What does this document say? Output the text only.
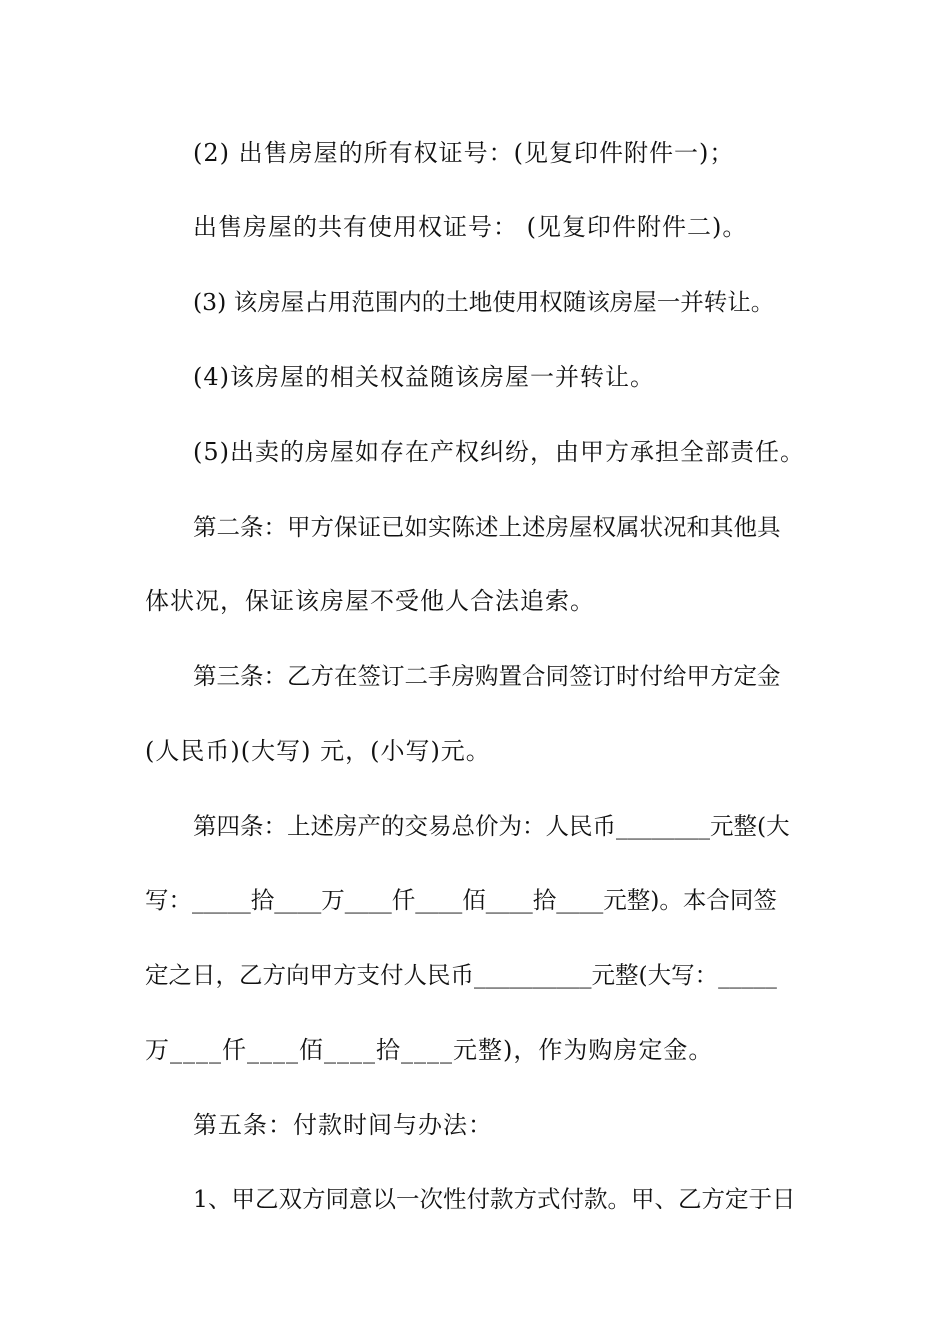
(2) 出售房屋的所有权证号：(见复印件附件一)；
出售房屋的共有使用权证号： (见复印件附件二)。
(3) 该房屋占用范围内的土地使用权随该房屋一并转让。
(4)该房屋的相关权益随该房屋一并转让。
(5)出卖的房屋如存在产权纠纷，由甲方承担全部责任。
第二条：甲方保证已如实陈述上述房屋权属状况和其他具
体状况，保证该房屋不受他人合法追索。
第三条：乙方在签订二手房购置合同签订时付给甲方定金
(人民币)(大写) 元，(小写)元。
第四条：上述房产的交易总价为：人民币________元整(大
写：_____拾____万____仟____佰____拾____元整)。本合同签
定之日，乙方向甲方支付人民币__________元整(大写：_____
万____仟____佰____拾____元整)，作为购房定金。
第五条：付款时间与办法：
1、甲乙双方同意以一次性付款方式付款。甲、乙方定于日
